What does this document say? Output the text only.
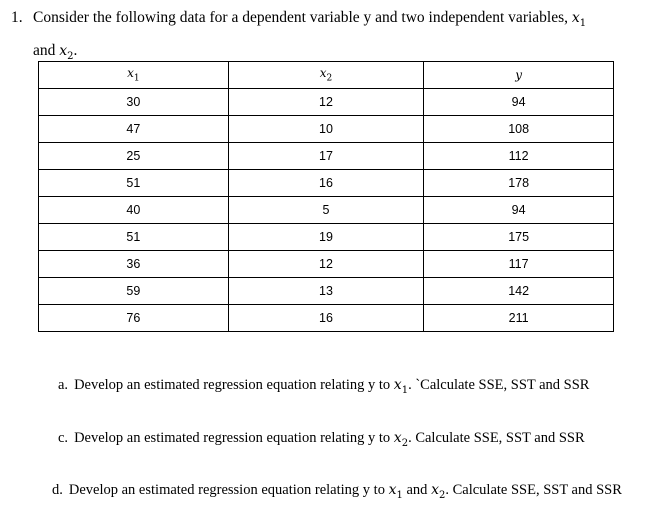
1. Consider the following data for a dependent variable y and two independent variables, $x_1$
and $x_2$.
$x_1$	$x_2$	y
30	12	94
47	10	108
25	17	112
51	16	178
40	5	94
51	19	175
36	12	117
59	13	142
76	16	211
a. Develop an estimated regression equation relating y to $x_1$. `Calculate SSE, SST and SSR
c. Develop an estimated regression equation relating y to $x_2$. Calculate SSE, SST and SSR
d. Develop an estimated regression equation relating y to $x_1$ and $x_2$. Calculate SSE, SST and SSR
